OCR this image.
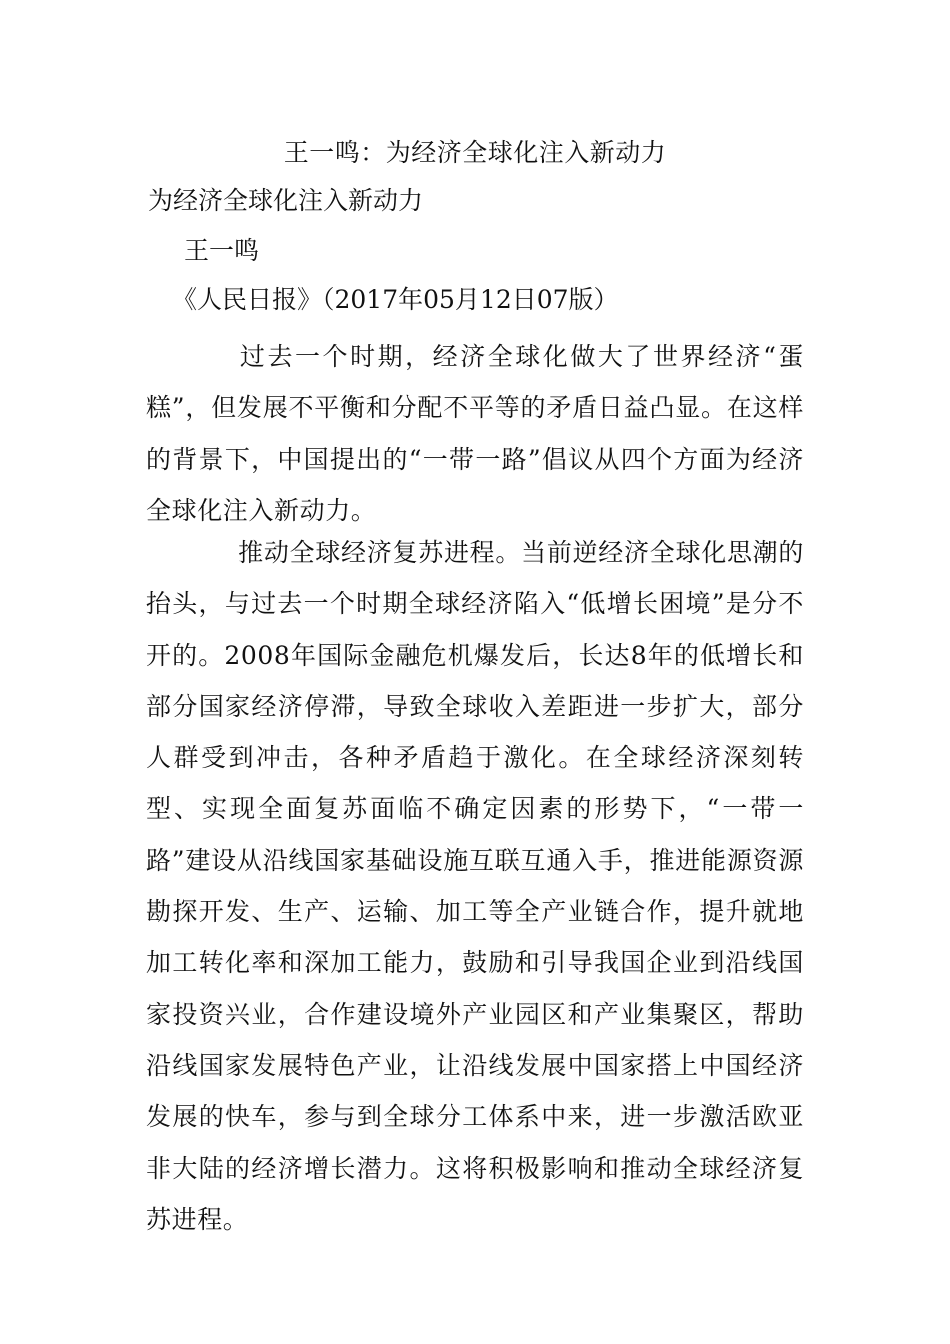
王一鸣：为经济全球化注入新动力
为经济全球化注入新动力
王一鸣
《人民日报》（2017年05月12日07版）
过去一个时期，经济全球化做大了世界经济“蛋糕”，但发展不平衡和分配不平等的矛盾日益凸显。在这样的背景下，中国提出的“一带一路”倡议从四个方面为经济全球化注入新动力。
推动全球经济复苏进程。当前逆经济全球化思潮的抬头，与过去一个时期全球经济陷入“低增长困境”是分不开的。2008年国际金融危机爆发后，长达8年的低增长和部分国家经济停滞，导致全球收入差距进一步扩大，部分人群受到冲击，各种矛盾趋于激化。在全球经济深刻转型、实现全面复苏面临不确定因素的形势下，“一带一路”建设从沿线国家基础设施互联互通入手，推进能源资源勘探开发、生产、运输、加工等全产业链合作，提升就地加工转化率和深加工能力，鼓励和引导我国企业到沿线国家投资兴业，合作建设境外产业园区和产业集聚区，帮助沿线国家发展特色产业，让沿线发展中国家搭上中国经济发展的快车，参与到全球分工体系中来，进一步激活欧亚非大陆的经济增长潜力。这将积极影响和推动全球经济复苏进程。
